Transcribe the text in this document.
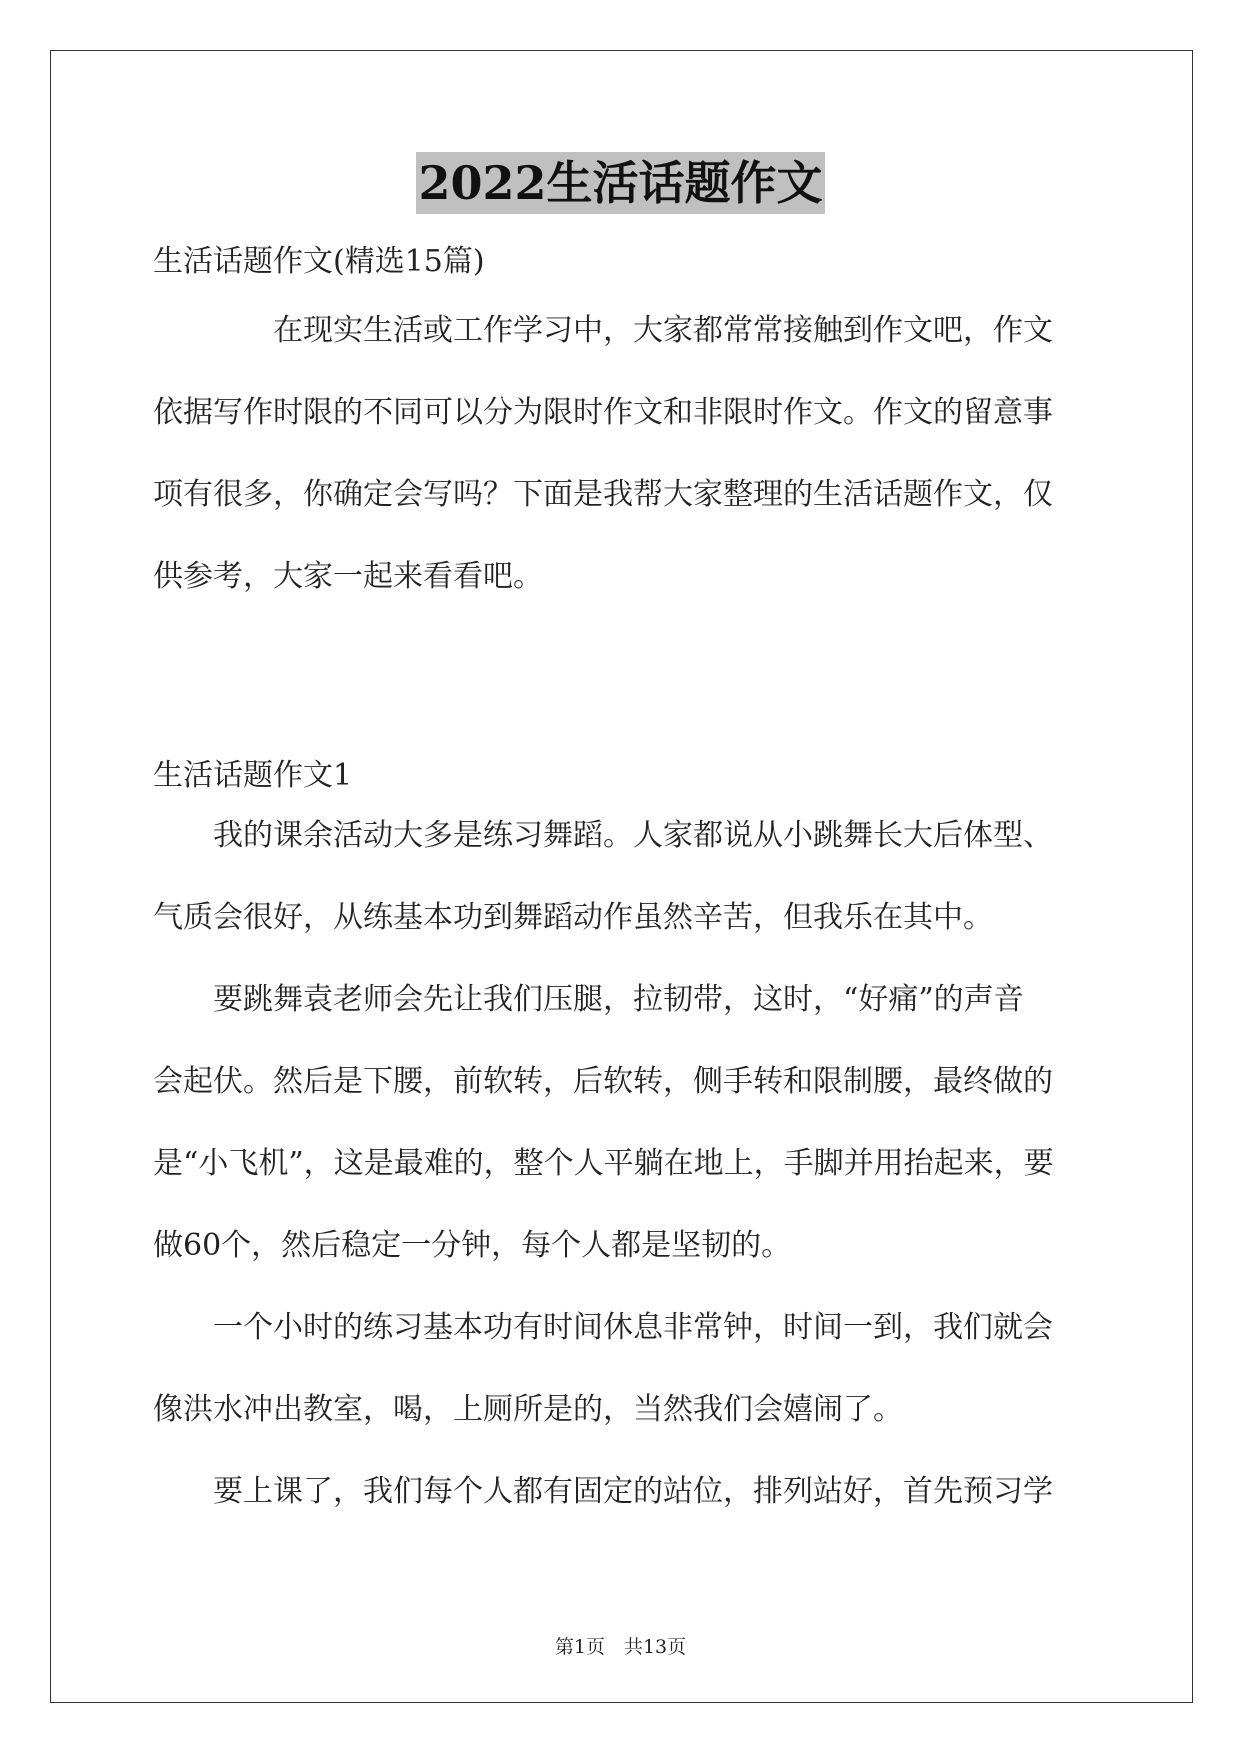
2022生活话题作文

生活话题作文(精选15篇)

　　　　在现实生活或工作学习中，大家都常常接触到作文吧，作文
依据写作时限的不同可以分为限时作文和非限时作文。作文的留意事
项有很多，你确定会写吗？下面是我帮大家整理的生活话题作文，仅
供参考，大家一起来看看吧。

生活话题作文1

　　我的课余活动大多是练习舞蹈。人家都说从小跳舞长大后体型、
气质会很好，从练基本功到舞蹈动作虽然辛苦，但我乐在其中。
　　要跳舞袁老师会先让我们压腿，拉韧带，这时，“好痛”的声音
会起伏。然后是下腰，前软转，后软转，侧手转和限制腰，最终做的
是“小飞机”，这是最难的，整个人平躺在地上，手脚并用抬起来，要
做60个，然后稳定一分钟，每个人都是坚韧的。
　　一个小时的练习基本功有时间休息非常钟，时间一到，我们就会
像洪水冲出教室，喝，上厕所是的，当然我们会嬉闹了。
　　要上课了，我们每个人都有固定的站位，排列站好，首先预习学
第1页　共13页
